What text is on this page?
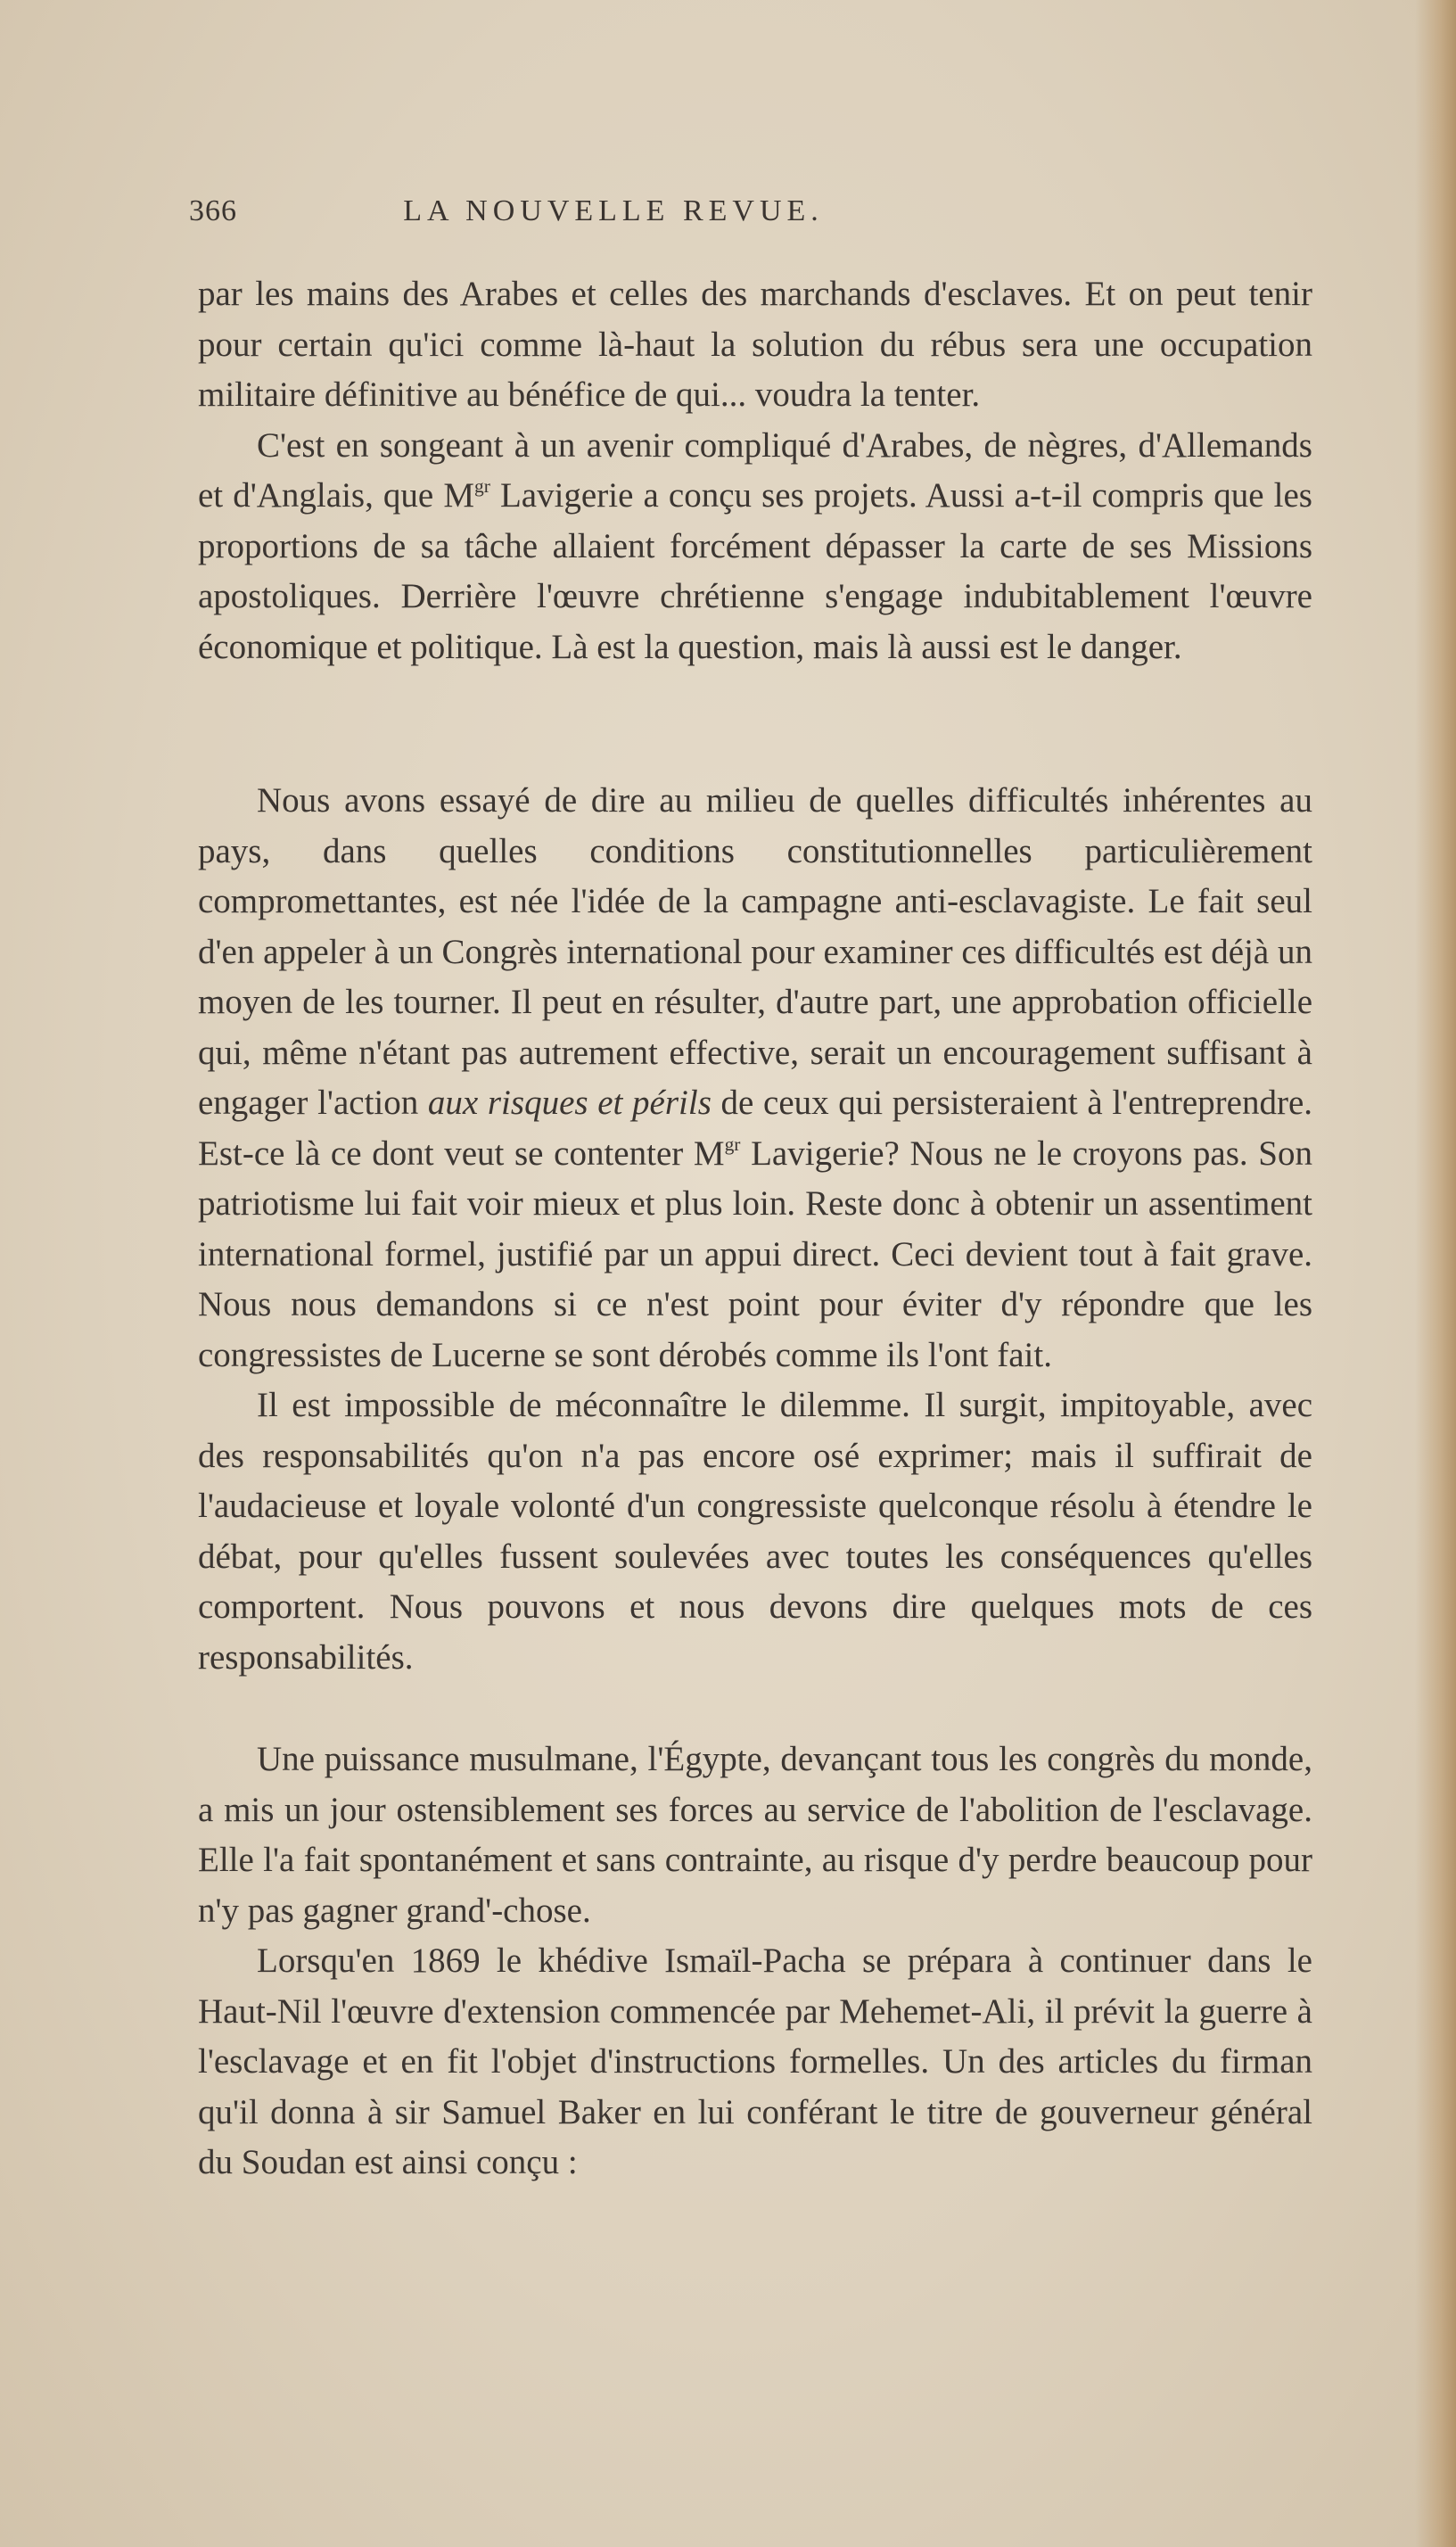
366	LA NOUVELLE REVUE.

par les mains des Arabes et celles des marchands d'esclaves. Et on peut tenir pour certain qu'ici comme là-haut la solution du rébus sera une occupation militaire définitive au bénéfice de qui... voudra la tenter.

C'est en songeant à un avenir compliqué d'Arabes, de nègres, d'Allemands et d'Anglais, que $M^{gr}$ Lavigerie a conçu ses projets. Aussi a-t-il compris que les proportions de sa tâche allaient forcément dépasser la carte de ses Missions apostoliques. Derrière l'œuvre chrétienne s'engage indubitablement l'œuvre économique et politique. Là est la question, mais là aussi est le danger.

Nous avons essayé de dire au milieu de quelles difficultés inhérentes au pays, dans quelles conditions constitutionnelles particulièrement compromettantes, est née l'idée de la campagne anti-esclavagiste. Le fait seul d'en appeler à un Congrès international pour examiner ces difficultés est déjà un moyen de les tourner. Il peut en résulter, d'autre part, une approbation officielle qui, même n'étant pas autrement effective, serait un encouragement suffisant à engager l'action aux risques et périls de ceux qui persisteraient à l'entreprendre. Est-ce là ce dont veut se contenter $M^{gr}$ Lavigerie? Nous ne le croyons pas. Son patriotisme lui fait voir mieux et plus loin. Reste donc à obtenir un assentiment international formel, justifié par un appui direct. Ceci devient tout à fait grave. Nous nous demandons si ce n'est point pour éviter d'y répondre que les congressistes de Lucerne se sont dérobés comme ils l'ont fait.

Il est impossible de méconnaître le dilemme. Il surgit, impitoyable, avec des responsabilités qu'on n'a pas encore osé exprimer; mais il suffirait de l'audacieuse et loyale volonté d'un congressiste quelconque résolu à étendre le débat, pour qu'elles fussent soulevées avec toutes les conséquences qu'elles comportent. Nous pouvons et nous devons dire quelques mots de ces responsabilités.

Une puissance musulmane, l'Égypte, devançant tous les congrès du monde, a mis un jour ostensiblement ses forces au service de l'abolition de l'esclavage. Elle l'a fait spontanément et sans contrainte, au risque d'y perdre beaucoup pour n'y pas gagner grand'-chose.

Lorsqu'en 1869 le khédive Ismaïl-Pacha se prépara à continuer dans le Haut-Nil l'œuvre d'extension commencée par Mehemet-Ali, il prévit la guerre à l'esclavage et en fit l'objet d'instructions formelles. Un des articles du firman qu'il donna à sir Samuel Baker en lui conférant le titre de gouverneur général du Soudan est ainsi conçu :
